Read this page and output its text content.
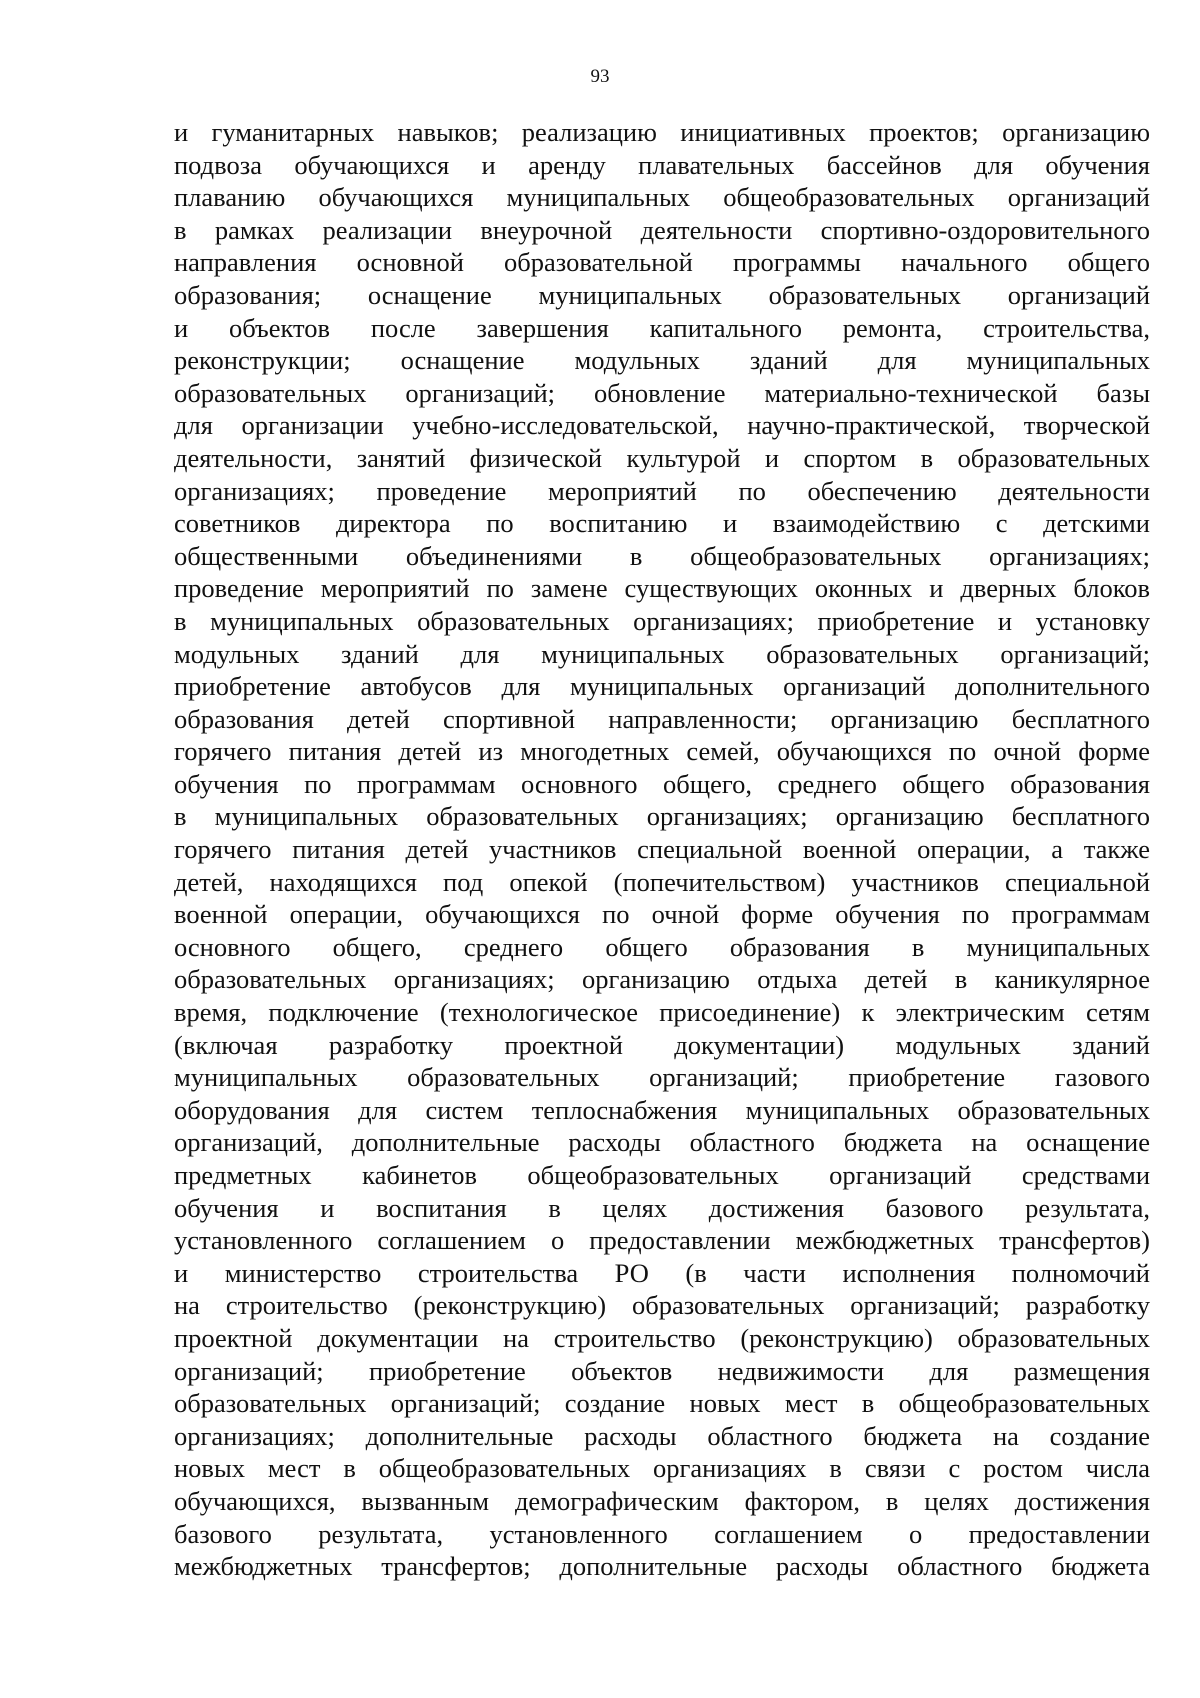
93
и гуманитарных навыков; реализацию инициативных проектов; организацию
подвоза обучающихся и аренду плавательных бассейнов для обучения
плаванию обучающихся муниципальных общеобразовательных организаций
в рамках реализации внеурочной деятельности спортивно-оздоровительного
направления основной образовательной программы начального общего
образования; оснащение муниципальных образовательных организаций
и объектов после завершения капитального ремонта, строительства,
реконструкции; оснащение модульных зданий для муниципальных
образовательных организаций; обновление материально-технической базы
для организации учебно-исследовательской, научно-практической, творческой
деятельности, занятий физической культурой и спортом в образовательных
организациях; проведение мероприятий по обеспечению деятельности
советников директора по воспитанию и взаимодействию с детскими
общественными объединениями в общеобразовательных организациях;
проведение мероприятий по замене существующих оконных и дверных блоков
в муниципальных образовательных организациях; приобретение и установку
модульных зданий для муниципальных образовательных организаций;
приобретение автобусов для муниципальных организаций дополнительного
образования детей спортивной направленности; организацию бесплатного
горячего питания детей из многодетных семей, обучающихся по очной форме
обучения по программам основного общего, среднего общего образования
в муниципальных образовательных организациях; организацию бесплатного
горячего питания детей участников специальной военной операции, а также
детей, находящихся под опекой (попечительством) участников специальной
военной операции, обучающихся по очной форме обучения по программам
основного общего, среднего общего образования в муниципальных
образовательных организациях; организацию отдыха детей в каникулярное
время, подключение (технологическое присоединение) к электрическим сетям
(включая разработку проектной документации) модульных зданий
муниципальных образовательных организаций; приобретение газового
оборудования для систем теплоснабжения муниципальных образовательных
организаций, дополнительные расходы областного бюджета на оснащение
предметных кабинетов общеобразовательных организаций средствами
обучения и воспитания в целях достижения базового результата,
установленного соглашением о предоставлении межбюджетных трансфертов)
и министерство строительства РО (в части исполнения полномочий
на строительство (реконструкцию) образовательных организаций; разработку
проектной документации на строительство (реконструкцию) образовательных
организаций; приобретение объектов недвижимости для размещения
образовательных организаций; создание новых мест в общеобразовательных
организациях; дополнительные расходы областного бюджета на создание
новых мест в общеобразовательных организациях в связи с ростом числа
обучающихся, вызванным демографическим фактором, в целях достижения
базового результата, установленного соглашением о предоставлении
межбюджетных трансфертов; дополнительные расходы областного бюджета
